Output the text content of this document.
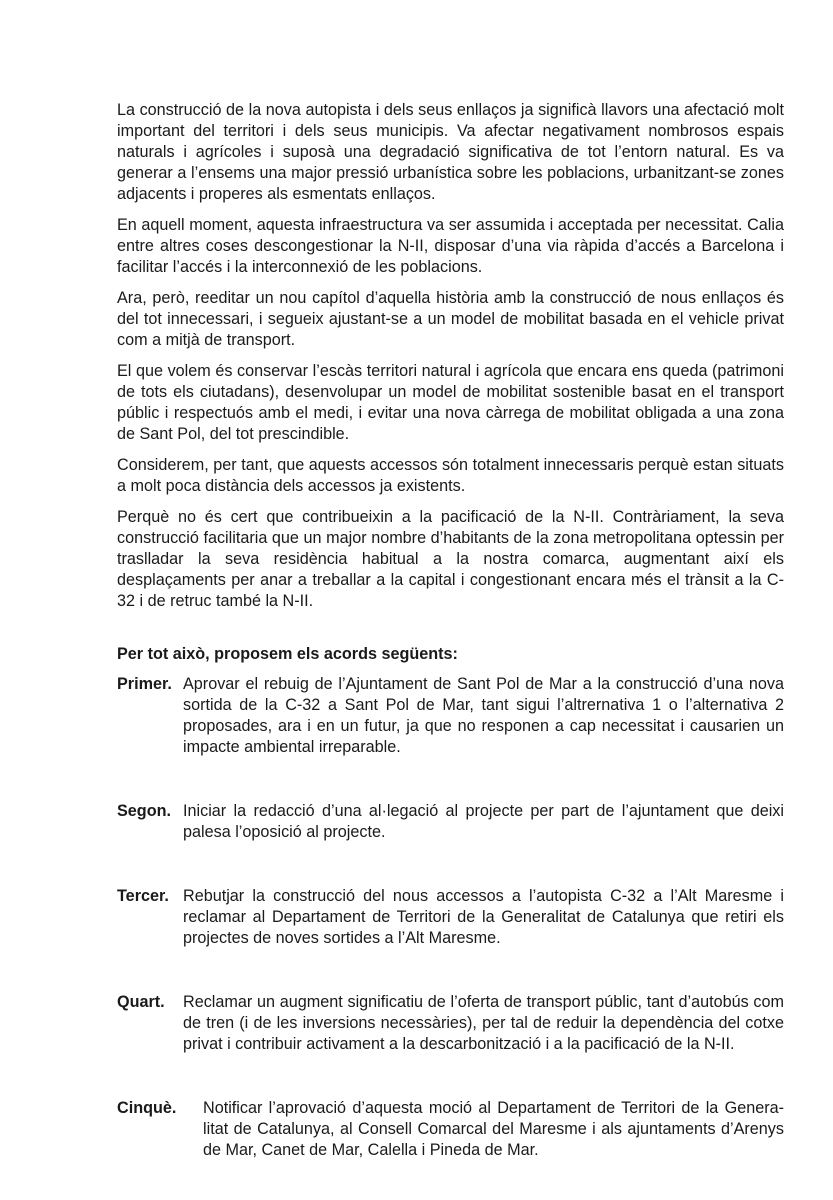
La construcció de la nova autopista i dels seus enllaços ja significà llavors una afectació molt important del territori i dels seus municipis. Va afectar negativament nombrosos espais naturals i agrícoles i suposà una degradació significativa de tot l’entorn natural. Es va generar a l’ensems una major pressió urbanística sobre les poblacions, urbanitzant-se zones adjacents i properes als esmentats enllaços.

En aquell moment, aquesta infraestructura va ser assumida i acceptada per necessitat. Calia entre altres coses descongestionar la N-II, disposar d’una via ràpida d’accés a Barcelona i facilitar l’accés i la interconnexió de les poblacions.

Ara, però, reeditar un nou capítol d’aquella història amb la construcció de nous enllaços és del tot innecessari, i segueix ajustant-se a un model de mobilitat basada en el vehicle privat com a mitjà de transport.

El que volem és conservar l’escàs territori natural i agrícola que encara ens queda (patrimoni de tots els ciutadans), desenvolupar un model de mobilitat sostenible basat en el transport públic i respectuós amb el medi, i evitar una nova càrrega de mobilitat obligada a una zona de Sant Pol, del tot prescindible.

Considerem, per tant, que aquests accessos són totalment innecessaris perquè estan situats a molt poca distància dels accessos ja existents.

Perquè no és cert que contribueixin a la pacificació de la N-II. Contràriament, la seva construcció facilitaria que un major nombre d’habitants de la zona metropolitana optessin per traslladar la seva residència habitual a la nostra comarca, augmentant així els desplaçaments per anar a treballar a la capital i congestionant encara més el trànsit a la C-32 i de retruc també la N-II.

Per tot això, proposem els acords següents:
Primer. Aprovar el rebuig de l’Ajuntament de Sant Pol de Mar a la construcció d’una nova sortida de la C-32 a Sant Pol de Mar, tant sigui l’altrernativa 1 o l’alternativa 2 proposades, ara i en un futur, ja que no responen a cap necessitat i causarien un impacte ambiental irreparable.
Segon. Iniciar la redacció d’una al·legació al projecte per part de l’ajuntament que deixi palesa l’oposició al projecte.
Tercer. Rebutjar la construcció del nous accessos a l’autopista C-32 a l’Alt Maresme i reclamar al Departament de Territori de la Generalitat de Catalunya que retiri els projectes de noves sortides a l’Alt Maresme.
Quart.	Reclamar un augment significatiu de l’oferta de transport públic, tant d’autobús com de tren (i de les inversions necessàries), per tal de reduir la dependència del cotxe privat i contribuir activament a la descarbonització i a la pacificació de la N-II.
Cinquè.	Notificar l’aprovació d’aquesta moció al Departament de Territori de la Generalitat de Catalunya, al Consell Comarcal del Maresme i als ajuntaments d’Arenys de Mar, Canet de Mar, Calella i Pineda de Mar.
